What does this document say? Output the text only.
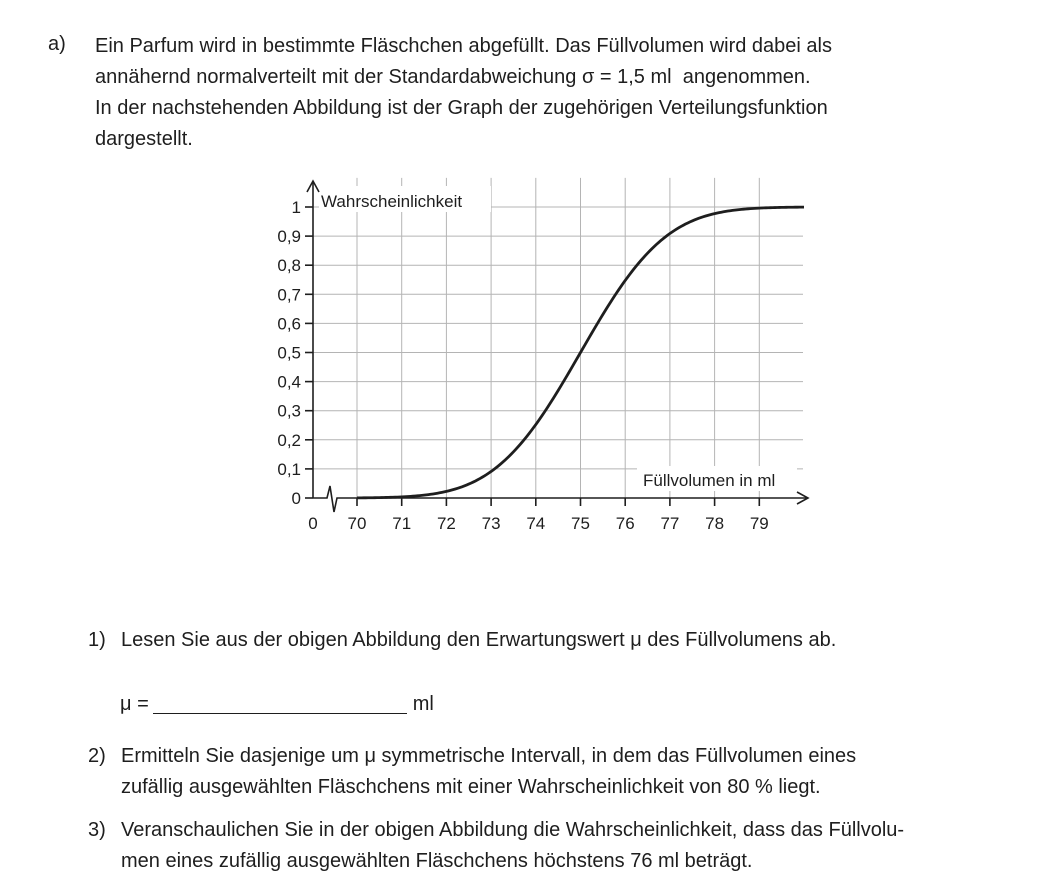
a) Ein Parfum wird in bestimmte Fläschchen abgefüllt. Das Füllvolumen wird dabei als
annähernd normalverteilt mit der Standardabweichung σ = 1,5 ml angenommen.
In der nachstehenden Abbildung ist der Graph der zugehörigen Verteilungsfunktion
dargestellt.

0
0,1
0,2
0,3
0,4
0,5
0,6
0,7
0,8
0,9
1
0 70 71 72 73 74 75 76 77 78 79
Wahrscheinlichkeit
Füllvolumen in ml
1) Lesen Sie aus der obigen Abbildung den Erwartungswert μ des Füllvolumens ab.
μ =	ml
2) Ermitteln Sie dasjenige um μ symmetrische Intervall, in dem das Füllvolumen eines
zufällig ausgewählten Fläschchens mit einer Wahrscheinlichkeit von 80 % liegt.
3) Veranschaulichen Sie in der obigen Abbildung die Wahrscheinlichkeit, dass das Füllvolu-
men eines zufällig ausgewählten Fläschchens höchstens 76 ml beträgt.
